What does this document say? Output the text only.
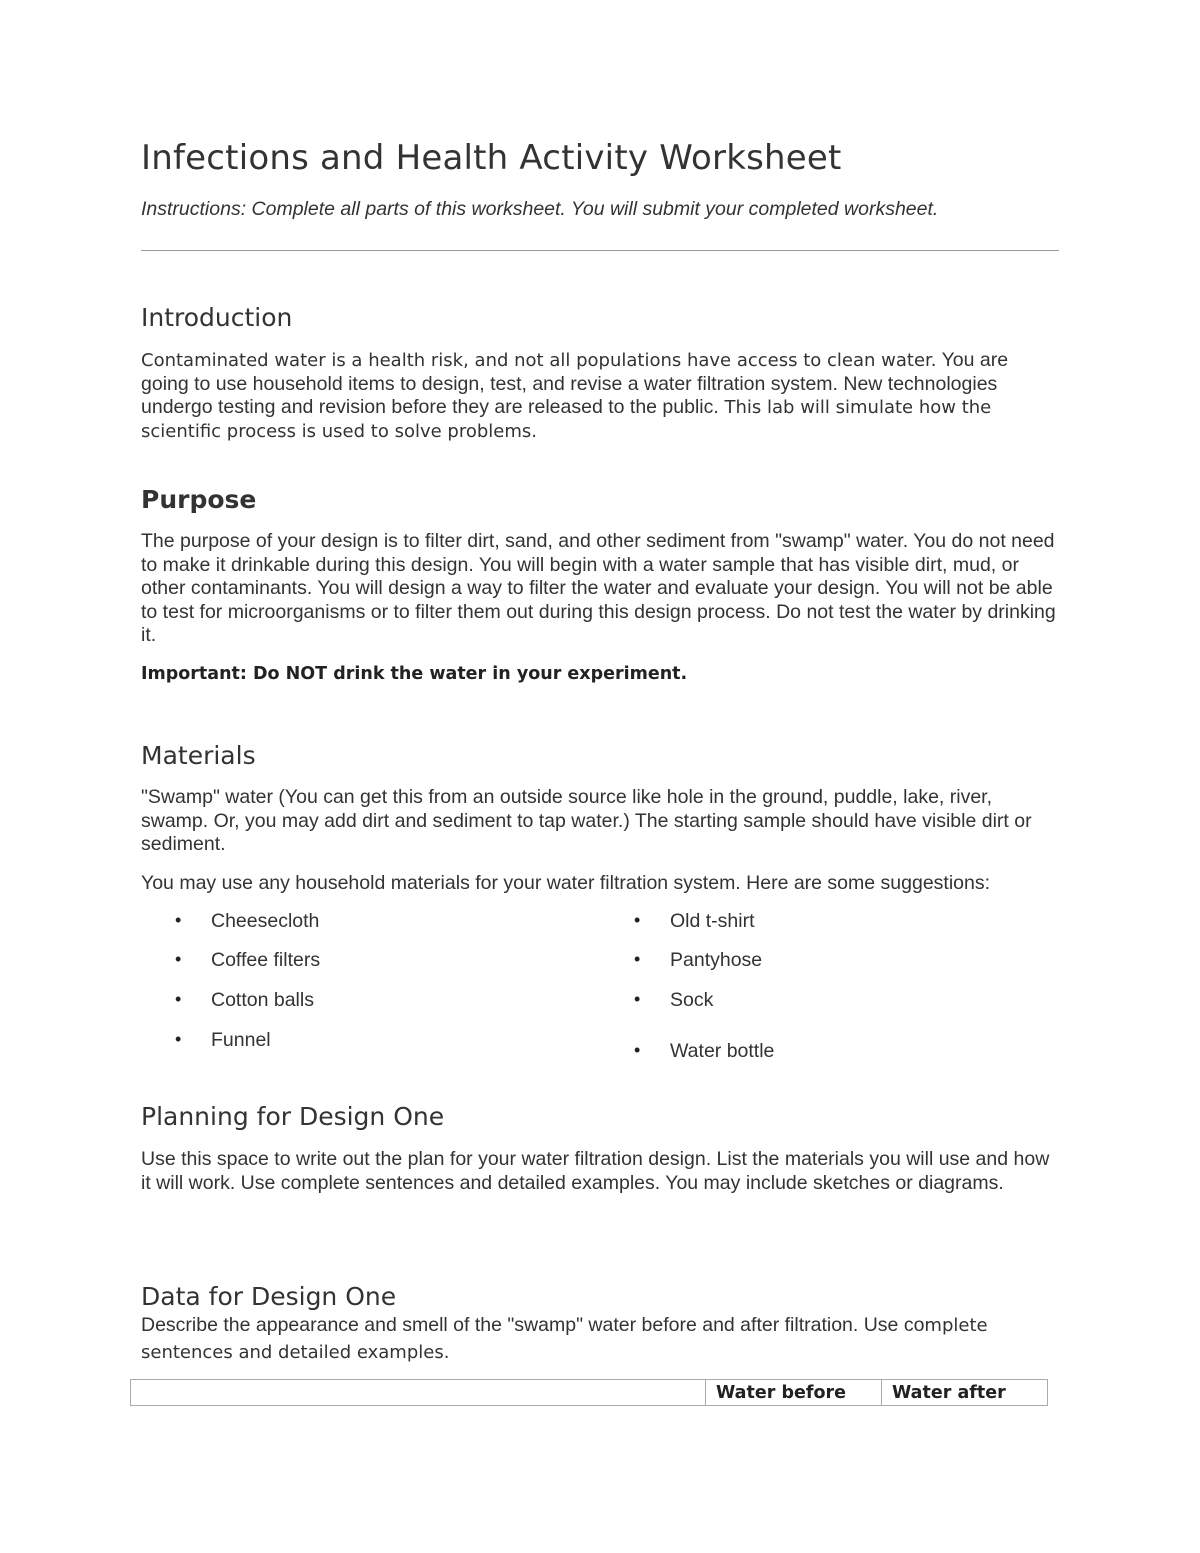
Infections and Health Activity Worksheet

Instructions: Complete all parts of this worksheet. You will submit your completed worksheet.

Introduction

Contaminated water is a health risk, and not all populations have access to clean water. You are going to use household items to design, test, and revise a water filtration system. New technologies undergo testing and revision before they are released to the public. This lab will simulate how the scientific process is used to solve problems.

Purpose

The purpose of your design is to filter dirt, sand, and other sediment from "swamp" water. You do not need to make it drinkable during this design. You will begin with a water sample that has visible dirt, mud, or other contaminants. You will design a way to filter the water and evaluate your design. You will not be able to test for microorganisms or to filter them out during this design process. Do not test the water by drinking it.

Important: Do NOT drink the water in your experiment.

Materials

"Swamp" water (You can get this from an outside source like hole in the ground, puddle, lake, river, swamp. Or, you may add dirt and sediment to tap water.) The starting sample should have visible dirt or sediment.

You may use any household materials for your water filtration system. Here are some suggestions:

• Cheesecloth
• Coffee filters
• Cotton balls
• Funnel
• Old t-shirt
• Pantyhose
• Sock
• Water bottle
Planning for Design One

Use this space to write out the plan for your water filtration design. List the materials you will use and how it will work. Use complete sentences and detailed examples. You may include sketches or diagrams.

Data for Design One

Describe the appearance and smell of the "swamp" water before and after filtration. Use complete

sentences and detailed examples.

Water before	Water after
